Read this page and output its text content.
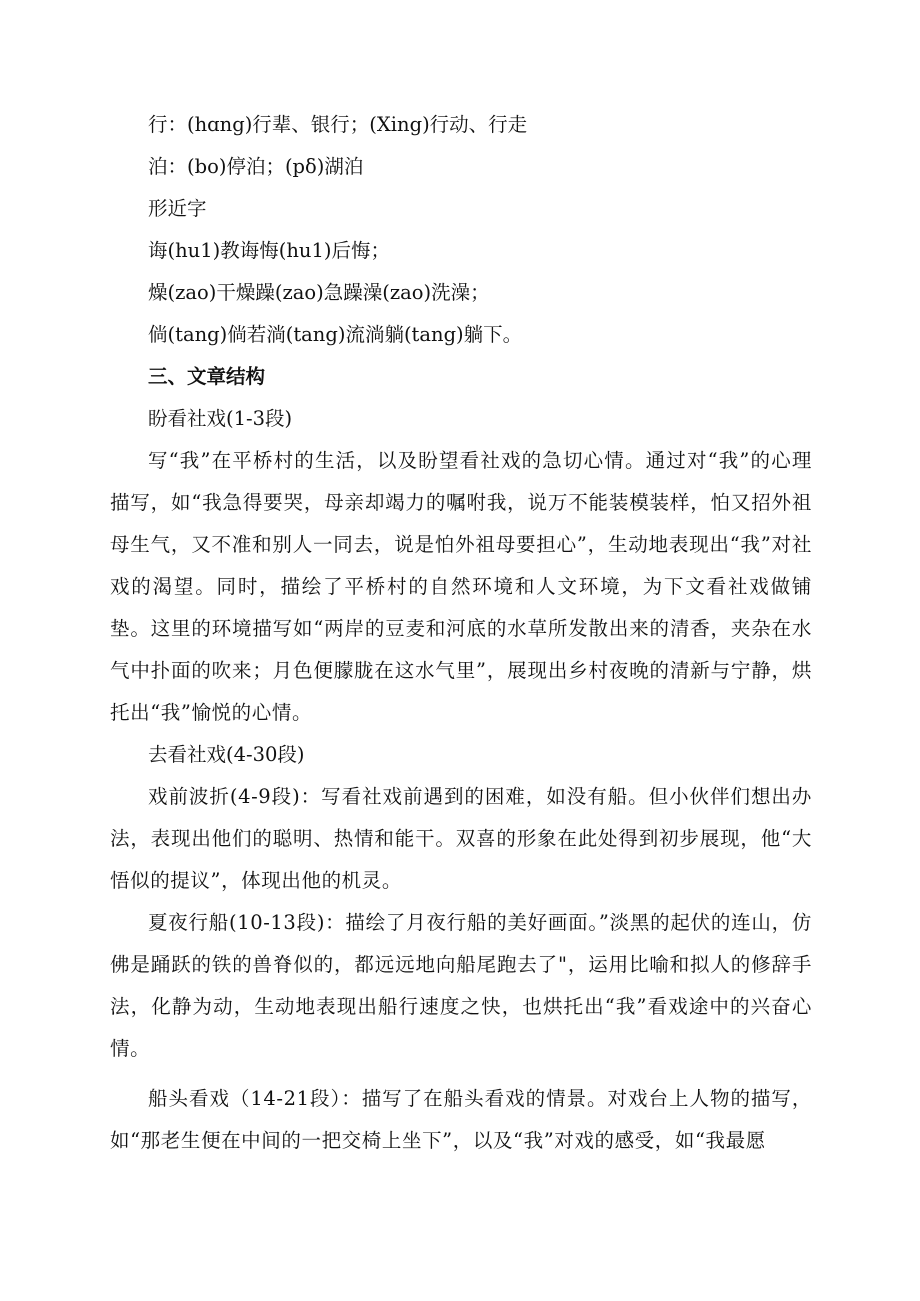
行：(hɑng)行辈、银行；(Xing)行动、行走

泊：(bo)停泊；(pδ)湖泊

形近字

诲(hu1)教诲悔(hu1)后悔；

燥(zao)干燥躁(zao)急躁澡(zao)洗澡；

倘(tang)倘若淌(tang)流淌躺(tang)躺下。

三、文章结构

盼看社戏(1-3段)

写“我”在平桥村的生活，以及盼望看社戏的急切心情。通过对“我”的心理描写，如“我急得要哭，母亲却竭力的嘱咐我，说万不能装模装样，怕又招外祖母生气，又不准和别人一同去，说是怕外祖母要担心”，生动地表现出“我”对社戏的渴望。同时，描绘了平桥村的自然环境和人文环境，为下文看社戏做铺垫。这里的环境描写如“两岸的豆麦和河底的水草所发散出来的清香，夹杂在水气中扑面的吹来；月色便朦胧在这水气里”，展现出乡村夜晚的清新与宁静，烘托出“我”愉悦的心情。

去看社戏(4-30段)

戏前波折(4-9段)：写看社戏前遇到的困难，如没有船。但小伙伴们想出办法，表现出他们的聪明、热情和能干。双喜的形象在此处得到初步展现，他“大悟似的提议”，体现出他的机灵。

夏夜行船(10-13段)：描绘了月夜行船的美好画面。”淡黑的起伏的连山，仿佛是踊跃的铁的兽脊似的，都远远地向船尾跑去了"，运用比喻和拟人的修辞手法，化静为动，生动地表现出船行速度之快，也烘托出“我”看戏途中的兴奋心情。

船头看戏（14-21段）：描写了在船头看戏的情景。对戏台上人物的描写，如“那老生便在中间的一把交椅上坐下”，以及“我”对戏的感受，如“我最愿
